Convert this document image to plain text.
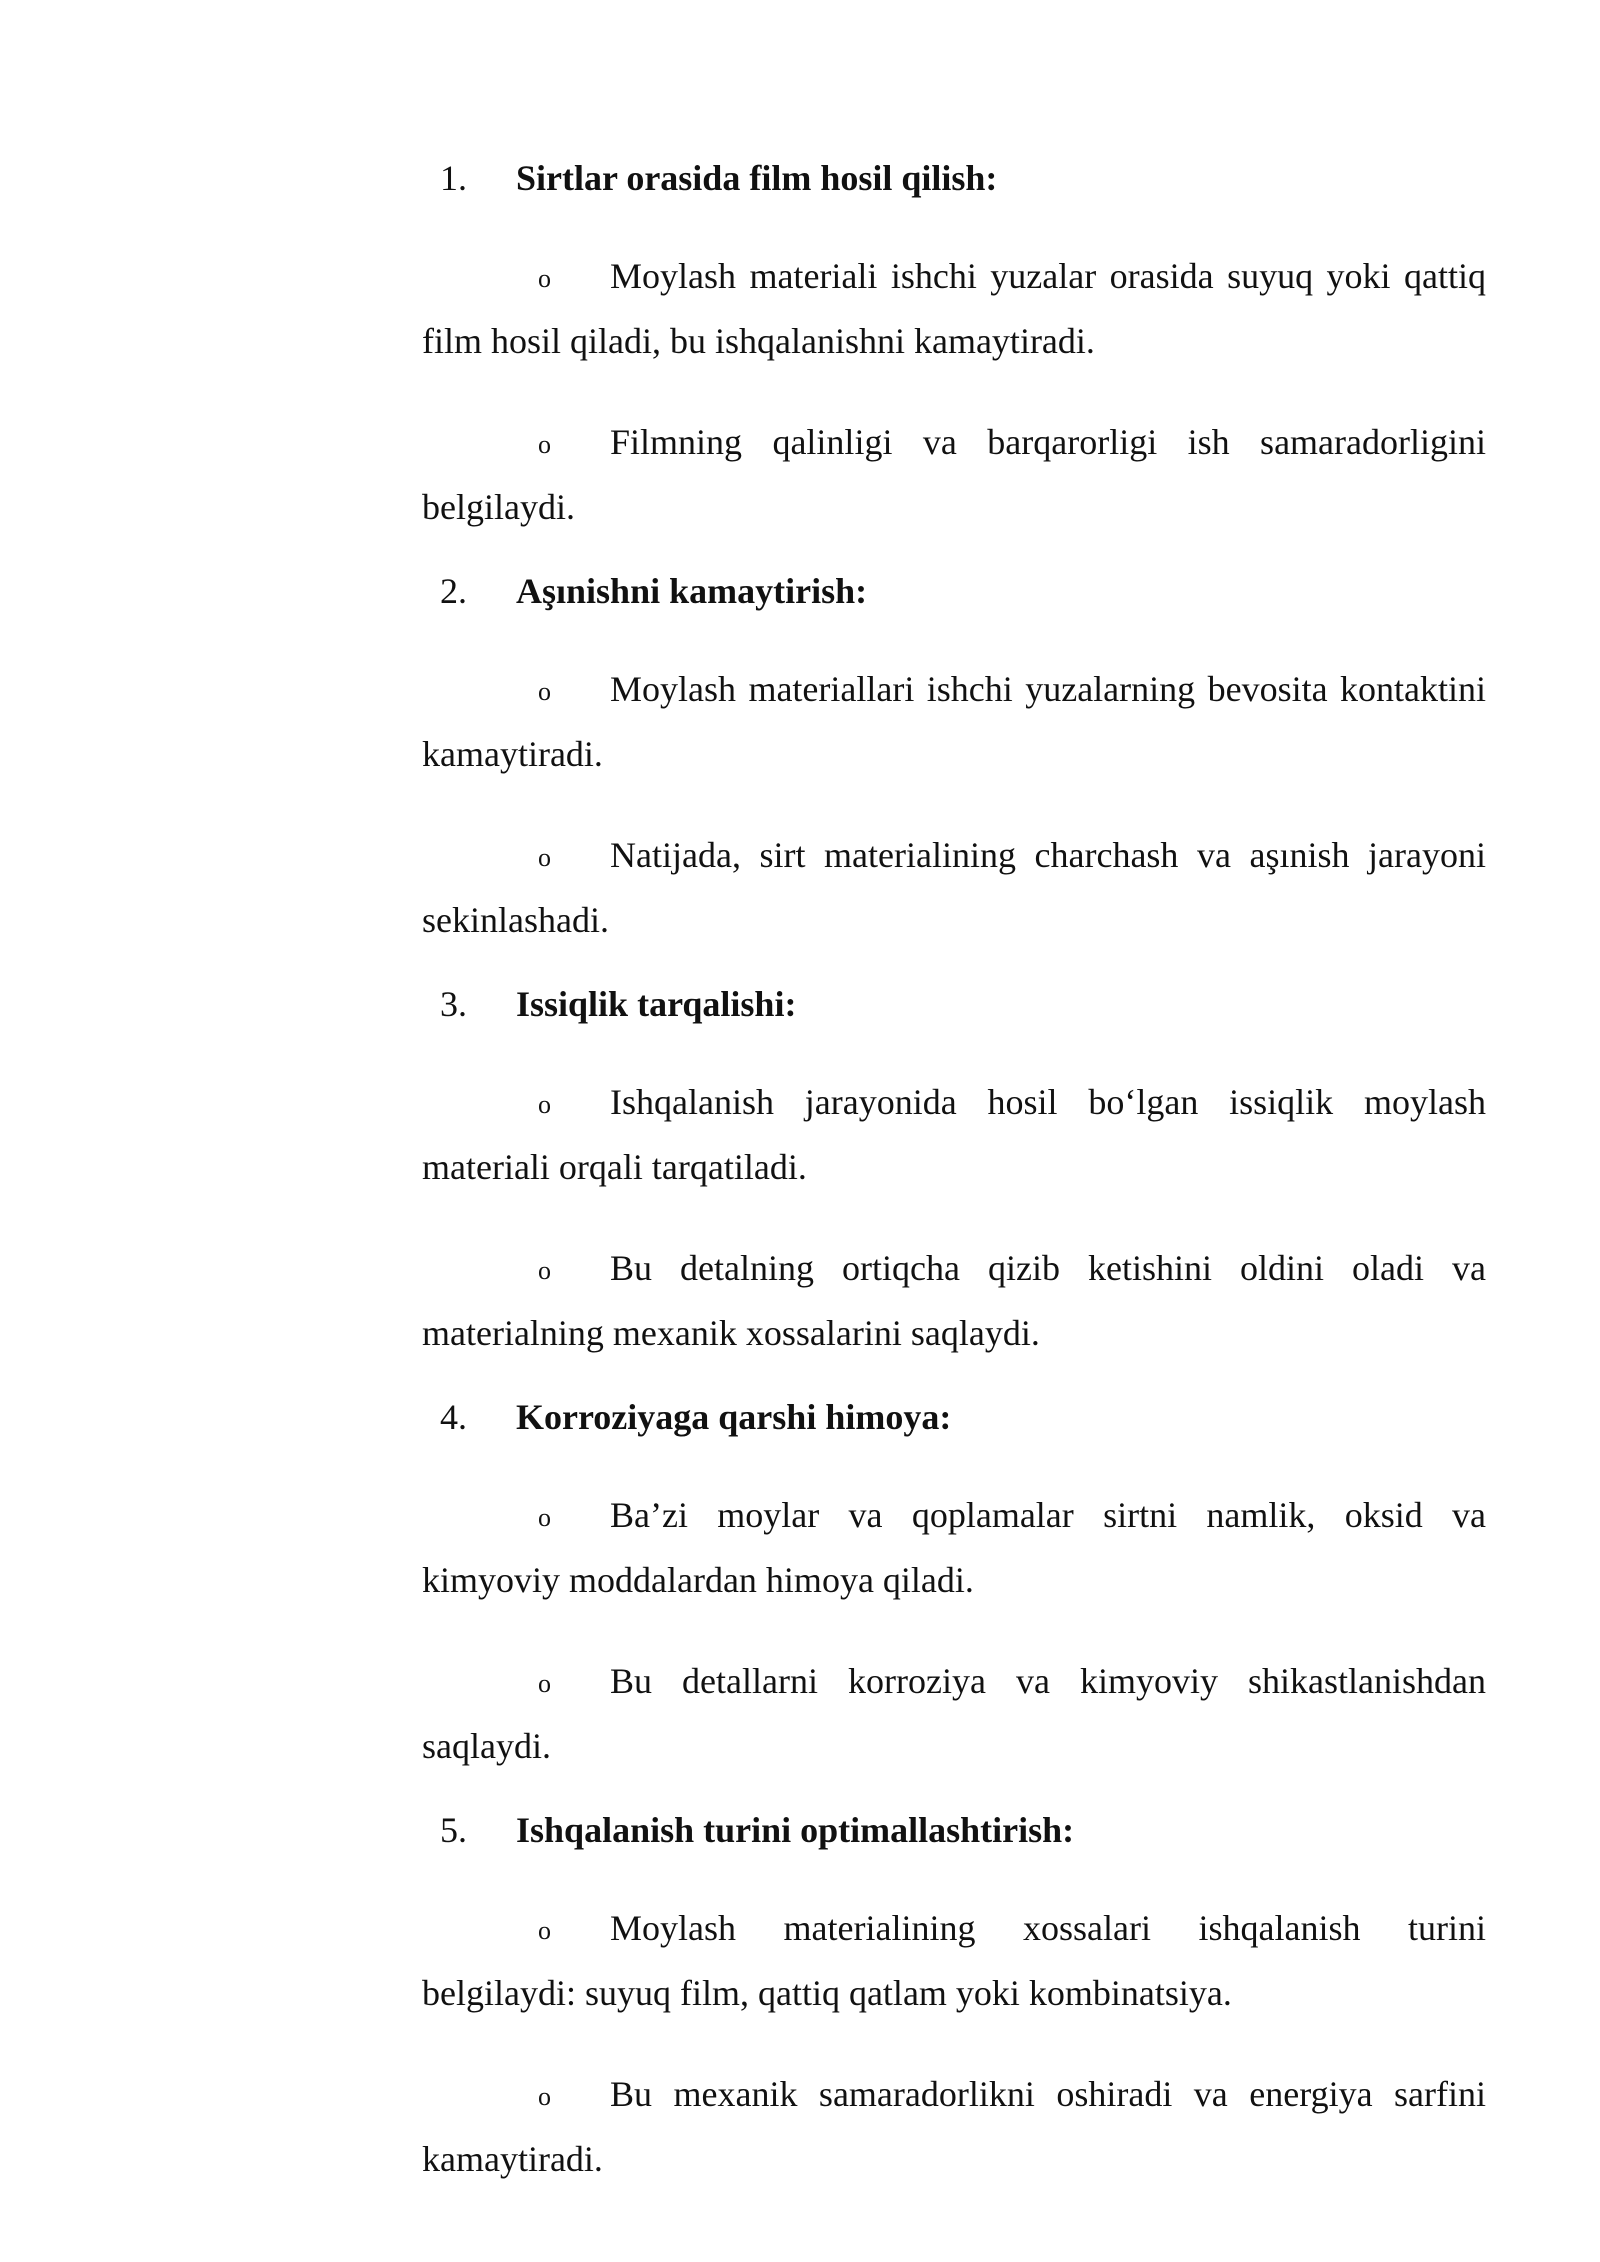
1. Sirtlar orasida film hosil qilish:

o Moylash materiali ishchi yuzalar orasida suyuq yoki qattiq film hosil qiladi, bu ishqalanishni kamaytiradi.

o Filmning qalinligi va barqarorligi ish samaradorligini belgilaydi.

2. Aşınishni kamaytirish:

o Moylash materiallari ishchi yuzalarning bevosita kontaktini kamaytiradi.

o Natijada, sirt materialining charchash va aşınish jarayoni sekinlashadi.

3. Issiqlik tarqalishi:

o Ishqalanish jarayonida hosil bo‘lgan issiqlik moylash materiali orqali tarqatiladi.

o Bu detalning ortiqcha qizib ketishini oldini oladi va materialning mexanik xossalarini saqlaydi.

4. Korroziyaga qarshi himoya:

o Ba’zi moylar va qoplamalar sirtni namlik, oksid va kimyoviy moddalardan himoya qiladi.

o Bu detallarni korroziya va kimyoviy shikastlanishdan saqlaydi.

5. Ishqalanish turini optimallashtirish:

o Moylash materialining xossalari ishqalanish turini belgilaydi: suyuq film, qattiq qatlam yoki kombinatsiya.

o Bu mexanik samaradorlikni oshiradi va energiya sarfini kamaytiradi.
